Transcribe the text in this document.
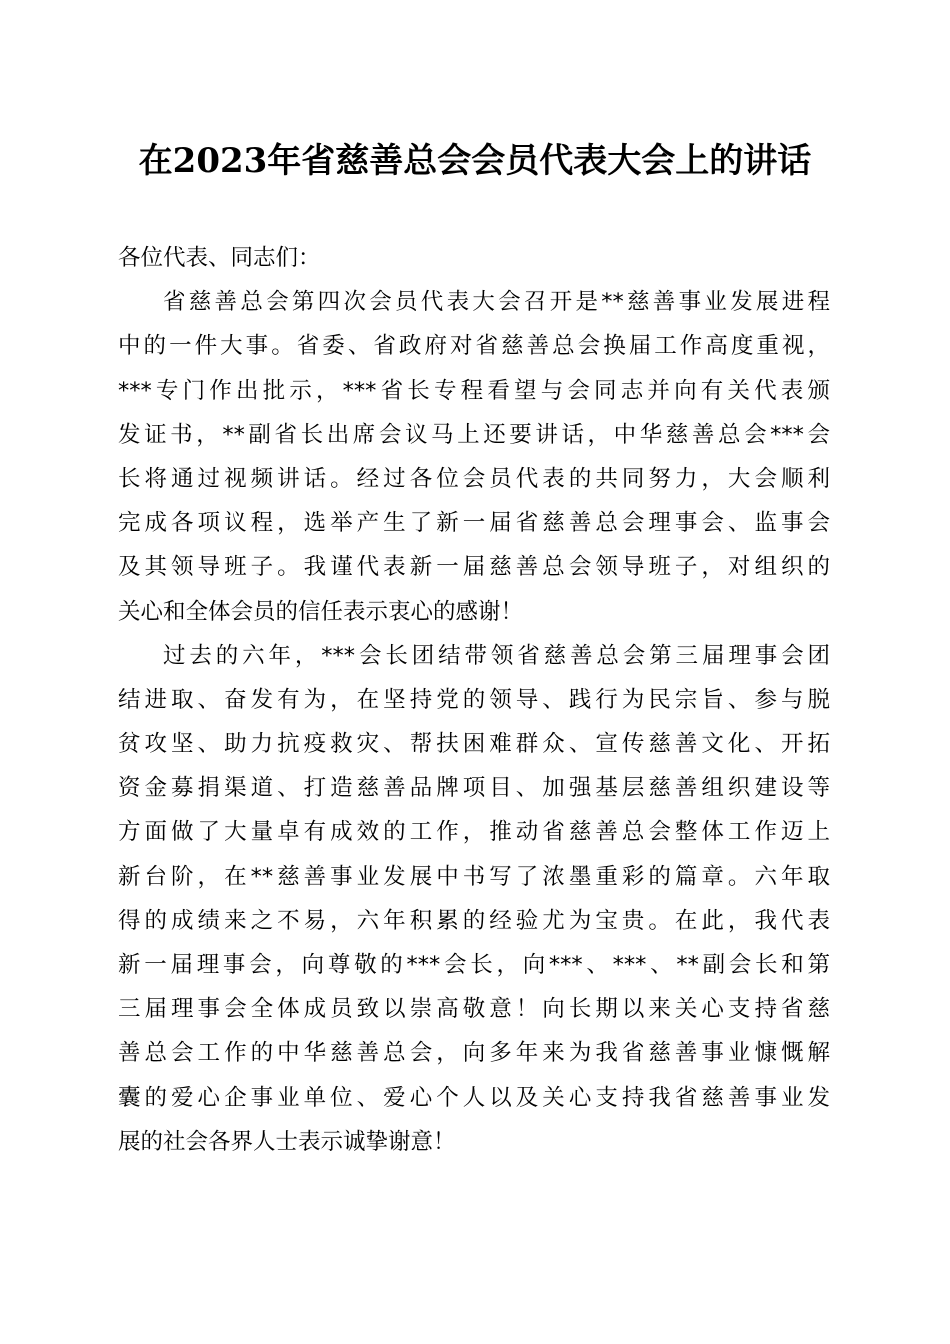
在2023年省慈善总会会员代表大会上的讲话
各位代表、同志们：
省慈善总会第四次会员代表大会召开是**慈善事业发展进程
中的一件大事。省委、省政府对省慈善总会换届工作高度重视，
***专门作出批示，***省长专程看望与会同志并向有关代表颁
发证书，**副省长出席会议马上还要讲话，中华慈善总会***会
长将通过视频讲话。经过各位会员代表的共同努力，大会顺利
完成各项议程，选举产生了新一届省慈善总会理事会、监事会
及其领导班子。我谨代表新一届慈善总会领导班子，对组织的
关心和全体会员的信任表示衷心的感谢！
过去的六年，***会长团结带领省慈善总会第三届理事会团
结进取、奋发有为，在坚持党的领导、践行为民宗旨、参与脱
贫攻坚、助力抗疫救灾、帮扶困难群众、宣传慈善文化、开拓
资金募捐渠道、打造慈善品牌项目、加强基层慈善组织建设等
方面做了大量卓有成效的工作，推动省慈善总会整体工作迈上
新台阶，在**慈善事业发展中书写了浓墨重彩的篇章。六年取
得的成绩来之不易，六年积累的经验尤为宝贵。在此，我代表
新一届理事会，向尊敬的***会长，向***、***、**副会长和第
三届理事会全体成员致以崇高敬意！向长期以来关心支持省慈
善总会工作的中华慈善总会，向多年来为我省慈善事业慷慨解
囊的爱心企事业单位、爱心个人以及关心支持我省慈善事业发
展的社会各界人士表示诚挚谢意！
